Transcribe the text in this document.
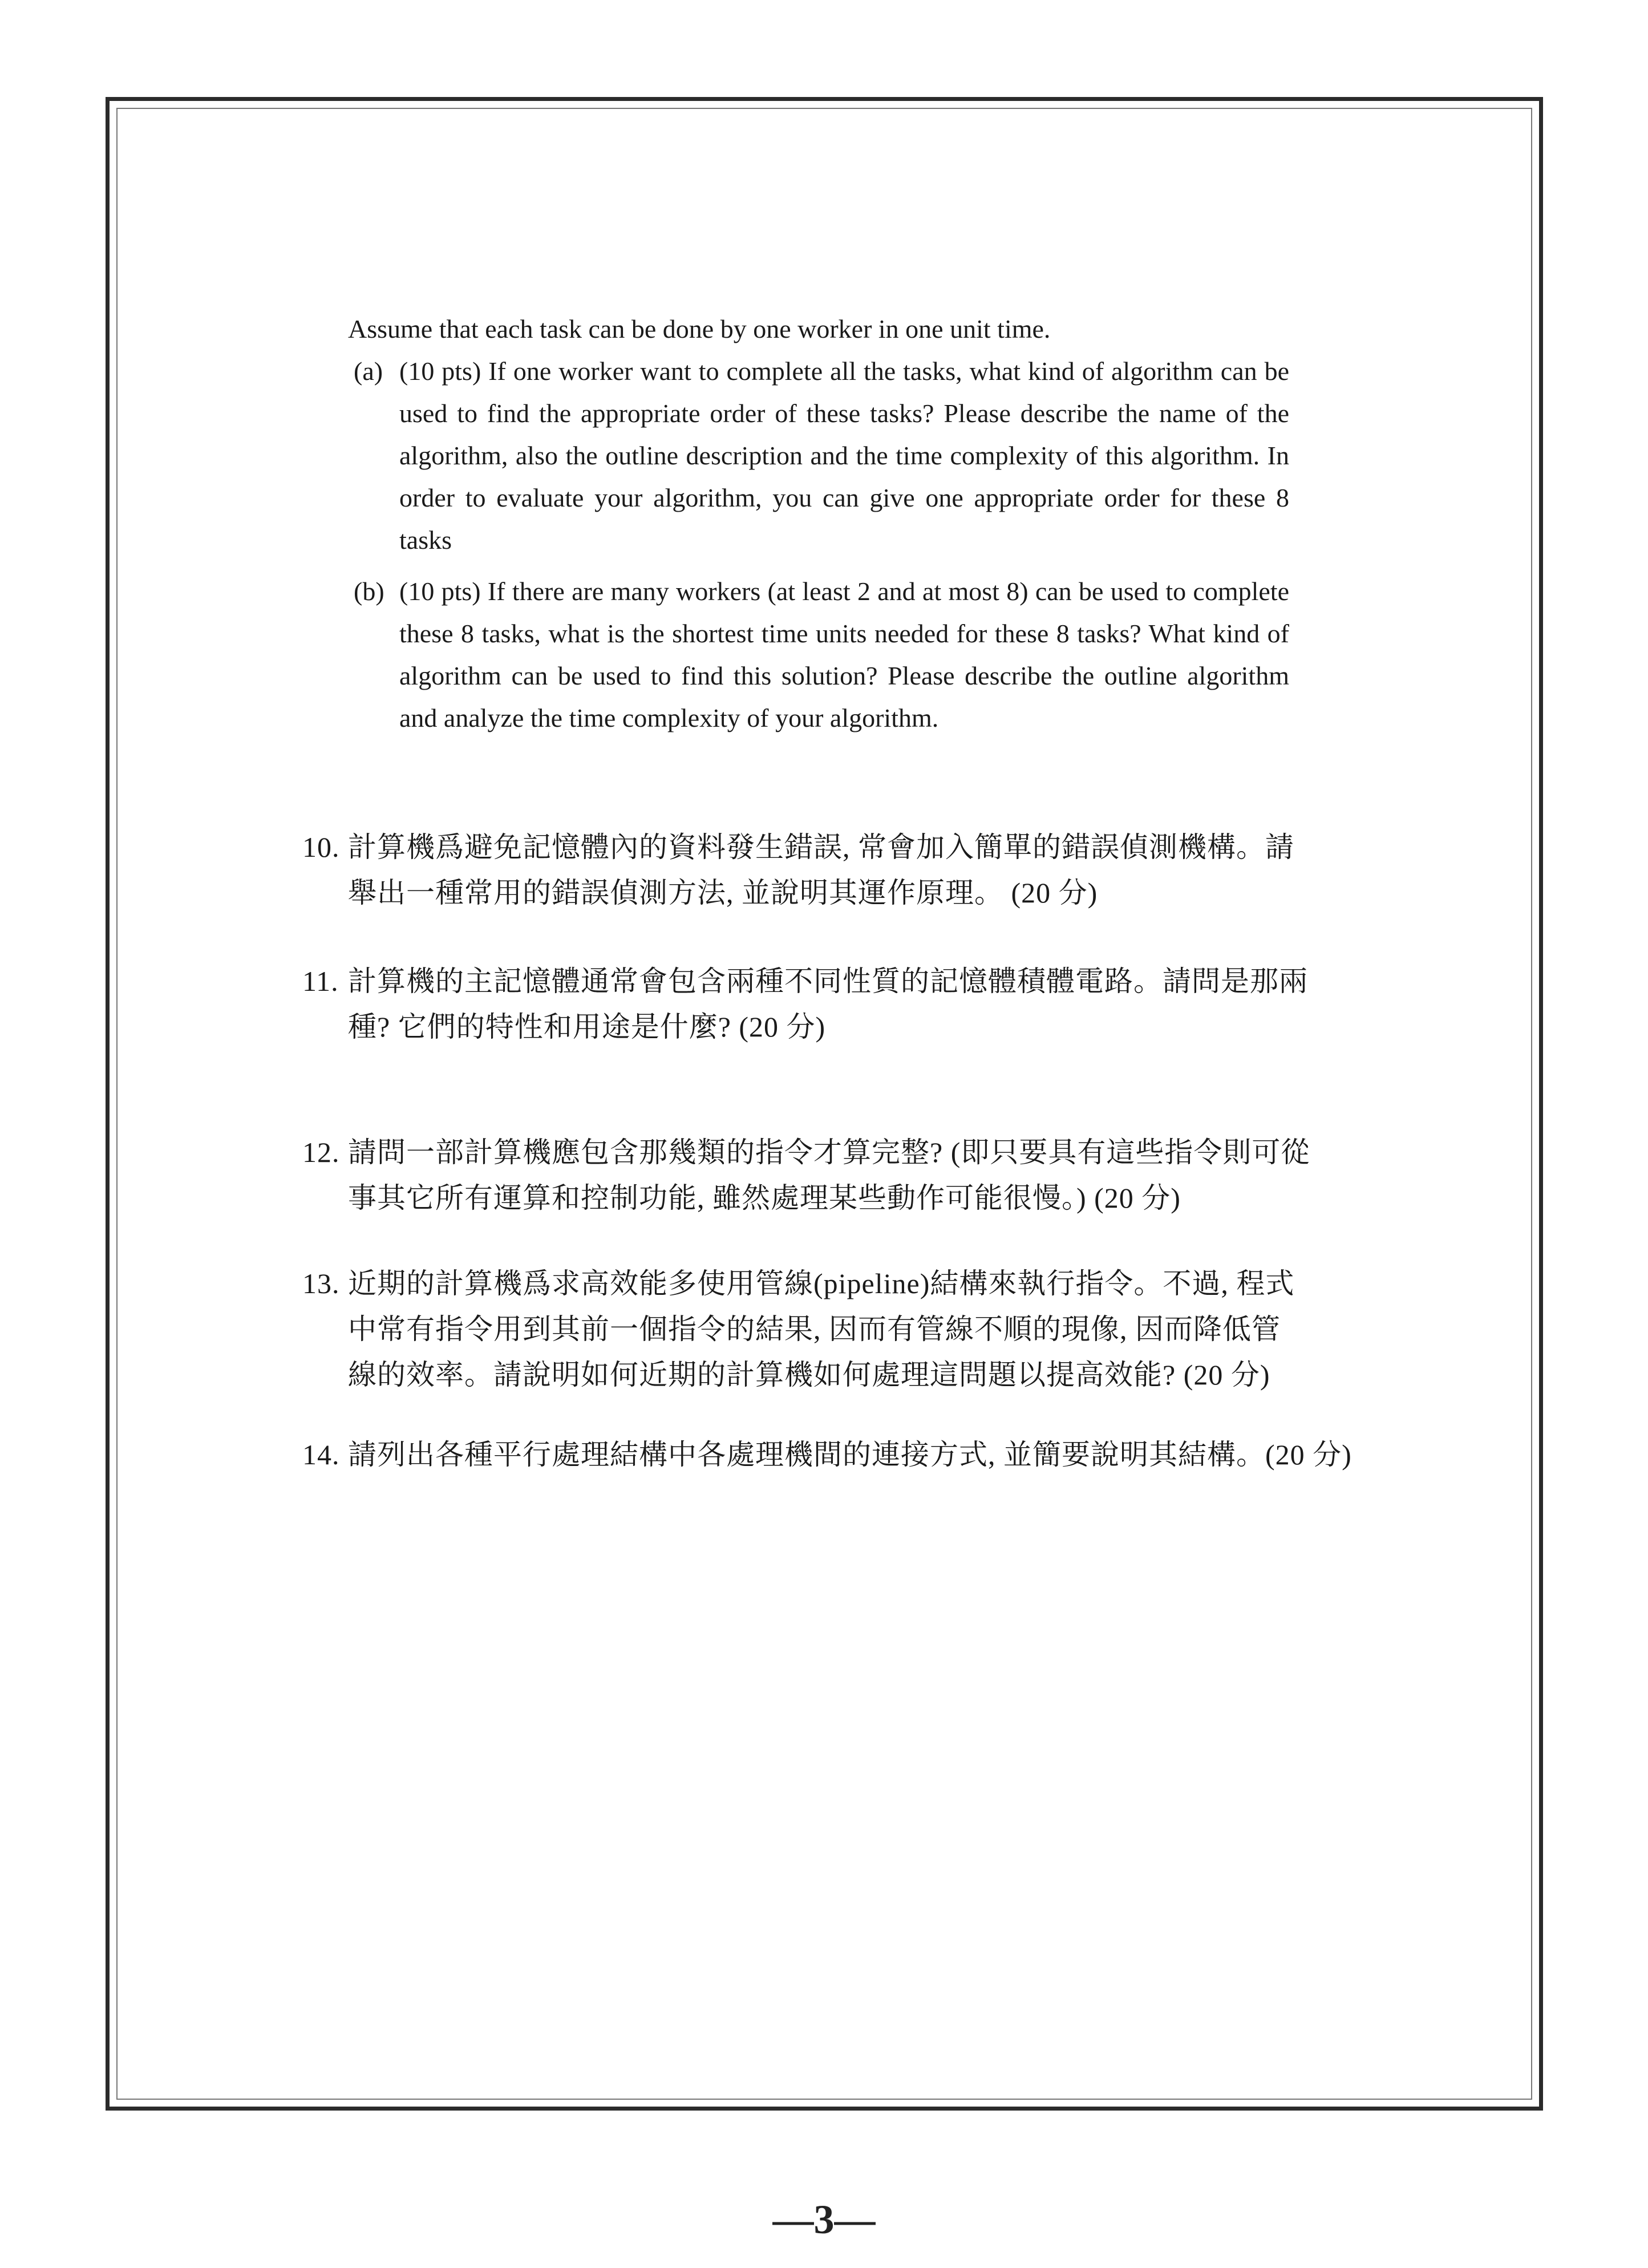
Assume that each task can be done by one worker in one unit time.
(a) (10 pts) If one worker want to complete all the tasks, what kind of algorithm can be used to find the appropriate order of these tasks? Please describe the name of the algorithm, also the outline description and the time complexity of this algorithm. In order to evaluate your algorithm, you can give one appropriate order for these 8 tasks
(b) (10 pts) If there are many workers (at least 2 and at most 8) can be used to complete these 8 tasks, what is the shortest time units needed for these 8 tasks? What kind of algorithm can be used to find this solution? Please describe the outline algorithm and analyze the time complexity of your algorithm.
10. 計算機爲避免記憶體內的資料發生錯誤, 常會加入簡單的錯誤偵測機構。請
舉出一種常用的錯誤偵測方法, 並說明其運作原理。 (20 分)
11. 計算機的主記憶體通常會包含兩種不同性質的記憶體積體電路。請問是那兩
種? 它們的特性和用途是什麼? (20 分)
12. 請問一部計算機應包含那幾類的指令才算完整? (即只要具有這些指令則可從
事其它所有運算和控制功能, 雖然處理某些動作可能很慢。) (20 分)
13. 近期的計算機爲求高效能多使用管線(pipeline)結構來執行指令。不過, 程式
中常有指令用到其前一個指令的結果, 因而有管線不順的現像, 因而降低管
線的效率。請說明如何近期的計算機如何處理這問題以提高效能? (20 分)
14. 請列出各種平行處理結構中各處理機間的連接方式, 並簡要說明其結構。(20 分)
—3—
